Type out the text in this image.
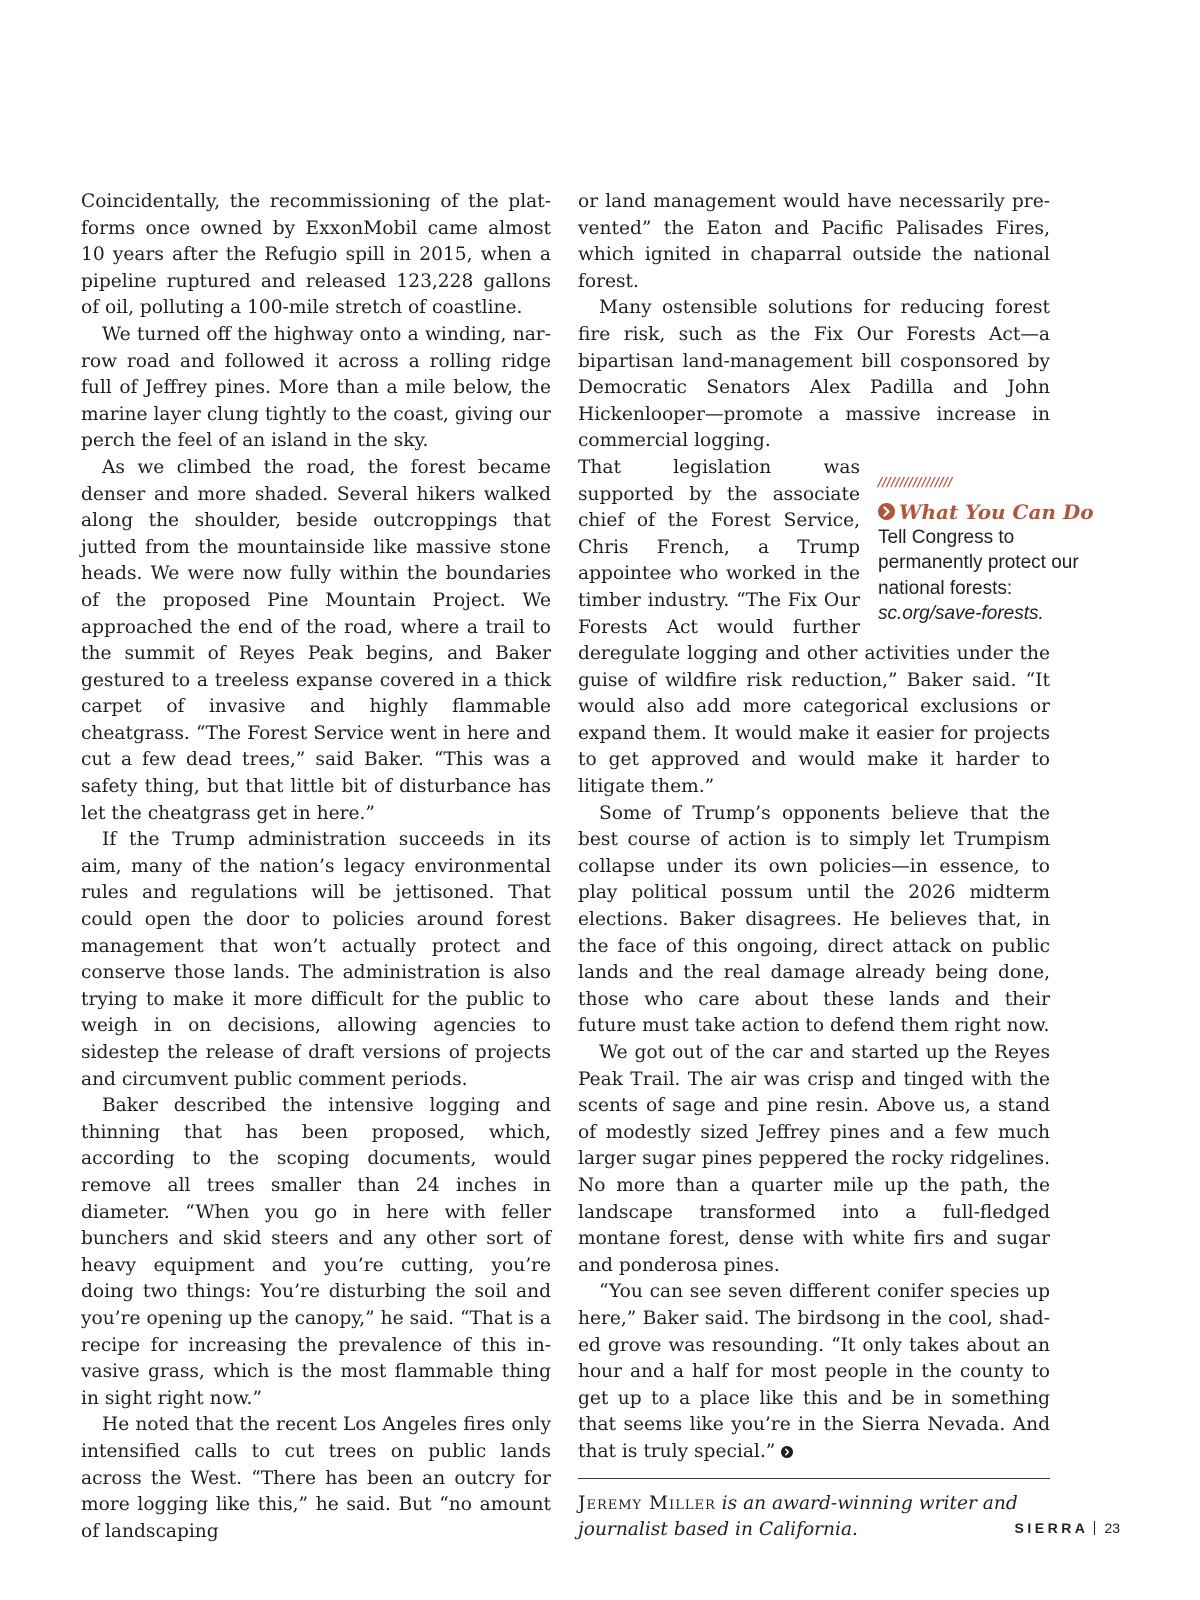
Coincidentally, the recommissioning of the platforms once owned by ExxonMobil came almost 10 years after the Refugio spill in 2015, when a pipeline ruptured and released 123,228 gallons of oil, polluting a 100-mile stretch of coastline.

We turned off the highway onto a winding, narrow road and followed it across a rolling ridge full of Jeffrey pines. More than a mile below, the marine layer clung tightly to the coast, giving our perch the feel of an island in the sky.

As we climbed the road, the forest became denser and more shaded. Several hikers walked along the shoulder, beside outcroppings that jutted from the mountainside like massive stone heads. We were now fully within the boundaries of the proposed Pine Mountain Project. We approached the end of the road, where a trail to the summit of Reyes Peak begins, and Baker gestured to a treeless expanse covered in a thick carpet of invasive and highly flammable cheatgrass. “The Forest Service went in here and cut a few dead trees,” said Baker. “This was a safety thing, but that little bit of disturbance has let the cheatgrass get in here.”

If the Trump administration succeeds in its aim, many of the nation’s legacy environmental rules and regulations will be jettisoned. That could open the door to policies around forest management that won’t actually protect and conserve those lands. The administration is also trying to make it more difficult for the public to weigh in on decisions, allowing agencies to sidestep the release of draft versions of projects and circumvent public comment periods.

Baker described the intensive logging and thinning that has been proposed, which, according to the scoping documents, would remove all trees smaller than 24 inches in diameter. “When you go in here with feller bunchers and skid steers and any other sort of heavy equipment and you’re cutting, you’re doing two things: You’re disturbing the soil and you’re opening up the canopy,” he said. “That is a recipe for increasing the prevalence of this invasive grass, which is the most flammable thing in sight right now.”

He noted that the recent Los Angeles fires only intensified calls to cut trees on public lands across the West. “There has been an outcry for more logging like this,” he said. But “no amount of landscaping

or land management would have necessarily prevented” the Eaton and Pacific Palisades Fires, which ignited in chaparral outside the national forest.

Many ostensible solutions for reducing forest fire risk, such as the Fix Our Forests Act—a bipartisan land-management bill cosponsored by Democratic Senators Alex Padilla and John Hickenlooper—promote a massive increase in commercial logging.

/////////////////
What You Can Do
Tell Congress to permanently protect our national forests:
sc.org/save-forests.
That legislation was supported by the associate chief of the Forest Service, Chris French, a Trump appointee who worked in the timber industry. “The Fix Our Forests Act would further deregulate logging and other activities under the guise of wildfire risk reduction,” Baker said. “It would also add more categorical exclusions or expand them. It would make it easier for projects to get approved and would make it harder to litigate them.”

Some of Trump’s opponents believe that the best course of action is to simply let Trumpism collapse under its own policies—in essence, to play political possum until the 2026 midterm elections. Baker disagrees. He believes that, in the face of this ongoing, direct attack on public lands and the real damage already being done, those who care about these lands and their future must take action to defend them right now.

We got out of the car and started up the Reyes Peak Trail. The air was crisp and tinged with the scents of sage and pine resin. Above us, a stand of modestly sized Jeffrey pines and a few much larger sugar pines peppered the rocky ridgelines. No more than a quarter mile up the path, the landscape transformed into a full-fledged montane forest, dense with white firs and sugar and ponderosa pines.

“You can see seven different conifer species up here,” Baker said. The birdsong in the cool, shaded grove was resounding. “It only takes about an hour and a half for most people in the county to get up to a place like this and be in something that seems like you’re in the Sierra Nevada. And that is truly special.”

Jeremy Miller is an award-winning writer and journalist based in California.	SIERRA 23
